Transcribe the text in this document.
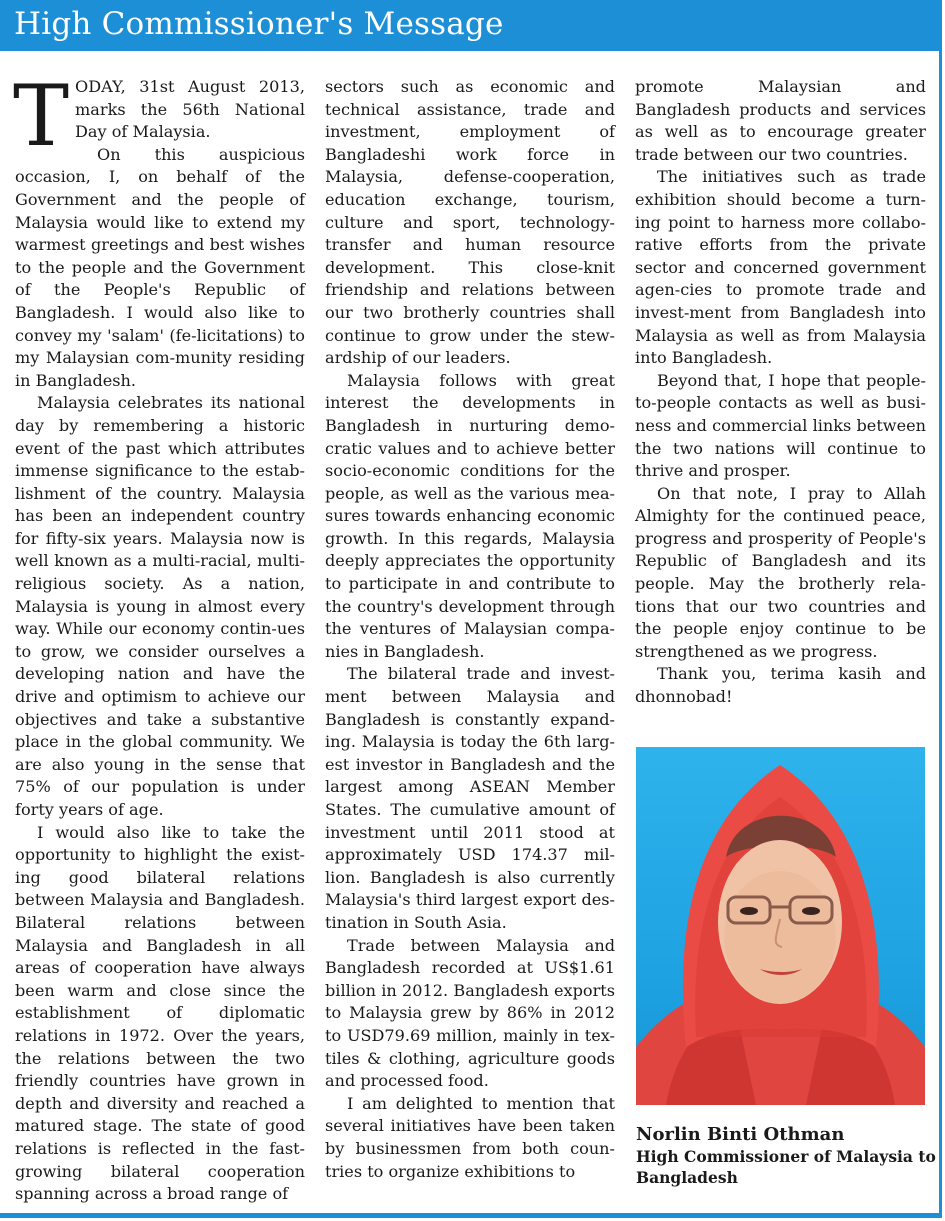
High Commissioner's Message

TODAY, 31st August 2013, marks the 56th National Day of Malaysia.

On this auspicious occasion, I, on behalf of the Government and the people of Malaysia would like to extend my warmest greetings and best wishes to the people and the Government of the People's Republic of Bangladesh. I would also like to convey my 'salam' (fe-licitations) to my Malaysian com-munity residing in Bangladesh.

Malaysia celebrates its national day by remembering a historic event of the past which attributes immense significance to the estab-lishment of the country. Malaysia has been an independent country for fifty-six years. Malaysia now is well known as a multi-racial, multi-religious society. As a nation, Malaysia is young in almost every way. While our economy contin-ues to grow, we consider ourselves a developing nation and have the drive and optimism to achieve our objectives and take a substantive place in the global community. We are also young in the sense that 75% of our population is under forty years of age.

I would also like to take the opportunity to highlight the exist-ing good bilateral relations between Malaysia and Bangladesh. Bilateral relations between Malaysia and Bangladesh in all areas of cooperation have always been warm and close since the establishment of diplomatic relations in 1972. Over the years, the relations between the two friendly countries have grown in depth and diversity and reached a matured stage. The state of good relations is reflected in the fast-growing bilateral cooperation spanning across a broad range of

sectors such as economic and technical assistance, trade and investment, employment of Bangladeshi work force in Malaysia, defense-cooperation, education exchange, tourism, culture and sport, technology-transfer and human resource development. This close-knit friendship and relations between our two brotherly countries shall continue to grow under the stew-ardship of our leaders.

Malaysia follows with great interest the developments in Bangladesh in nurturing demo-cratic values and to achieve better socio-economic conditions for the people, as well as the various mea-sures towards enhancing economic growth. In this regards, Malaysia deeply appreciates the opportunity to participate in and contribute to the country's development through the ventures of Malaysian compa-nies in Bangladesh.

The bilateral trade and invest-ment between Malaysia and Bangladesh is constantly expand-ing. Malaysia is today the 6th larg-est investor in Bangladesh and the largest among ASEAN Member States. The cumulative amount of investment until 2011 stood at approximately USD 174.37 mil-lion. Bangladesh is also currently Malaysia's third largest export des-tination in South Asia.

Trade between Malaysia and Bangladesh recorded at US$1.61 billion in 2012. Bangladesh exports to Malaysia grew by 86% in 2012 to USD79.69 million, mainly in tex-tiles & clothing, agriculture goods and processed food.

I am delighted to mention that several initiatives have been taken by businessmen from both coun-tries to organize exhibitions to

promote Malaysian and Bangladesh products and services as well as to encourage greater trade between our two countries.

The initiatives such as trade exhibition should become a turn-ing point to harness more collabo-rative efforts from the private sector and concerned government agen-cies to promote trade and invest-ment from Bangladesh into Malaysia as well as from Malaysia into Bangladesh.

Beyond that, I hope that people-to-people contacts as well as busi-ness and commercial links between the two nations will continue to thrive and prosper.

On that note, I pray to Allah Almighty for the continued peace, progress and prosperity of People's Republic of Bangladesh and its people. May the brotherly rela-tions that our two countries and the people enjoy continue to be strengthened as we progress.

Thank you, terima kasih and dhonnobad!

Norlin Binti Othman
High Commissioner of Malaysia to Bangladesh
